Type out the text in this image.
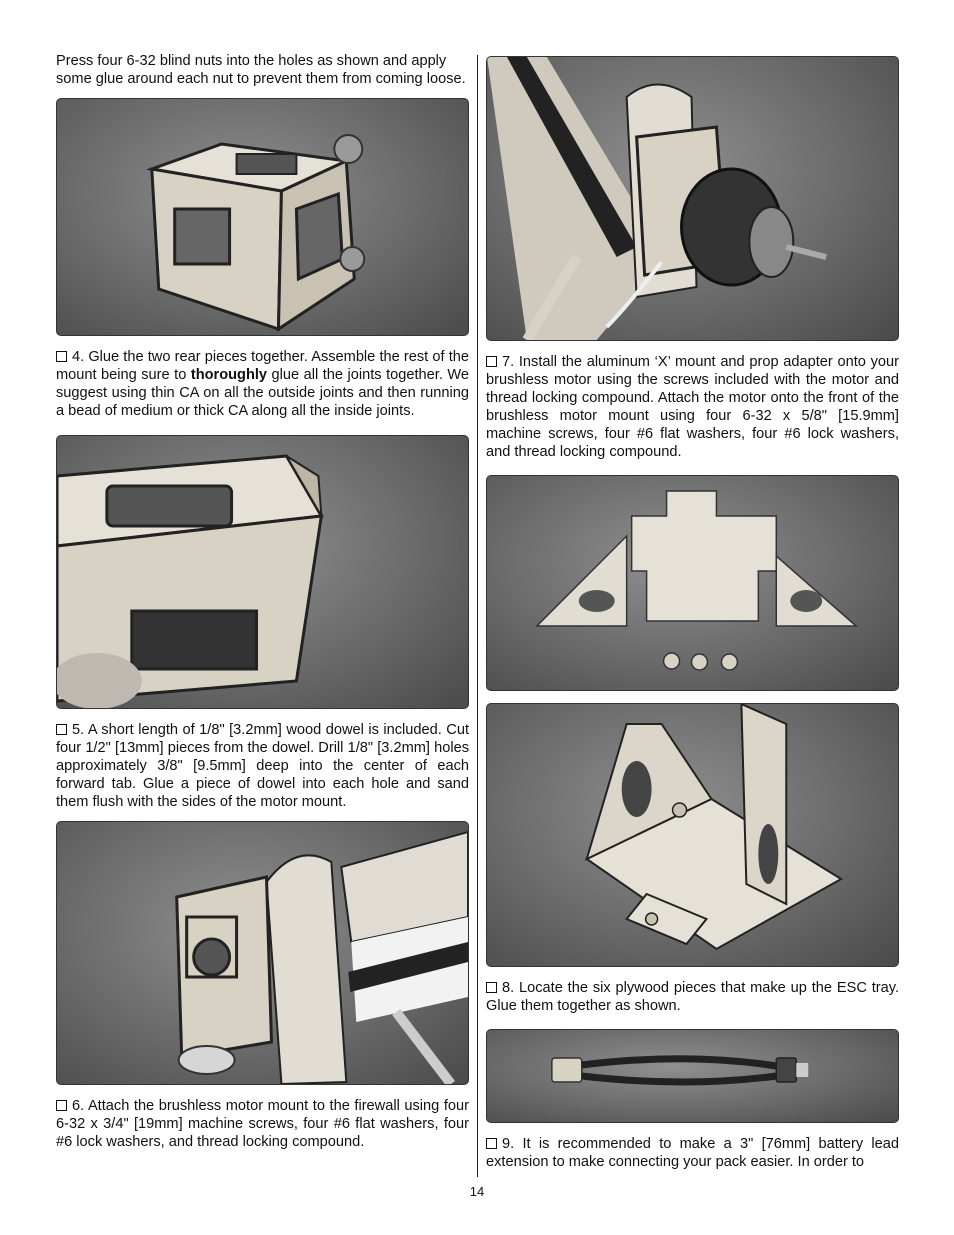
Press four 6-32 blind nuts into the holes as shown and apply some glue around each nut to prevent them from coming loose.

4. Glue the two rear pieces together. Assemble the rest of the mount being sure to thoroughly glue all the joints together. We suggest using thin CA on all the outside joints and then running a bead of medium or thick CA along all the inside joints.

5. A short length of 1/8" [3.2mm] wood dowel is included. Cut four 1/2" [13mm] pieces from the dowel. Drill 1/8" [3.2mm] holes approximately 3/8" [9.5mm] deep into the center of each forward tab. Glue a piece of dowel into each hole and sand them flush with the sides of the motor mount.

6. Attach the brushless motor mount to the firewall using four 6-32 x 3/4" [19mm] machine screws, four #6 flat washers, four #6 lock washers, and thread locking compound.

7. Install the aluminum ‘X’ mount and prop adapter onto your brushless motor using the screws included with the motor and thread locking compound. Attach the motor onto the front of the brushless motor mount using four 6-32 x 5/8" [15.9mm] machine screws, four #6 flat washers, four #6 lock washers, and thread locking compound.

8. Locate the six plywood pieces that make up the ESC tray. Glue them together as shown.

9. It is recommended to make a 3" [76mm] battery lead extension to make connecting your pack easier. In order to

14
